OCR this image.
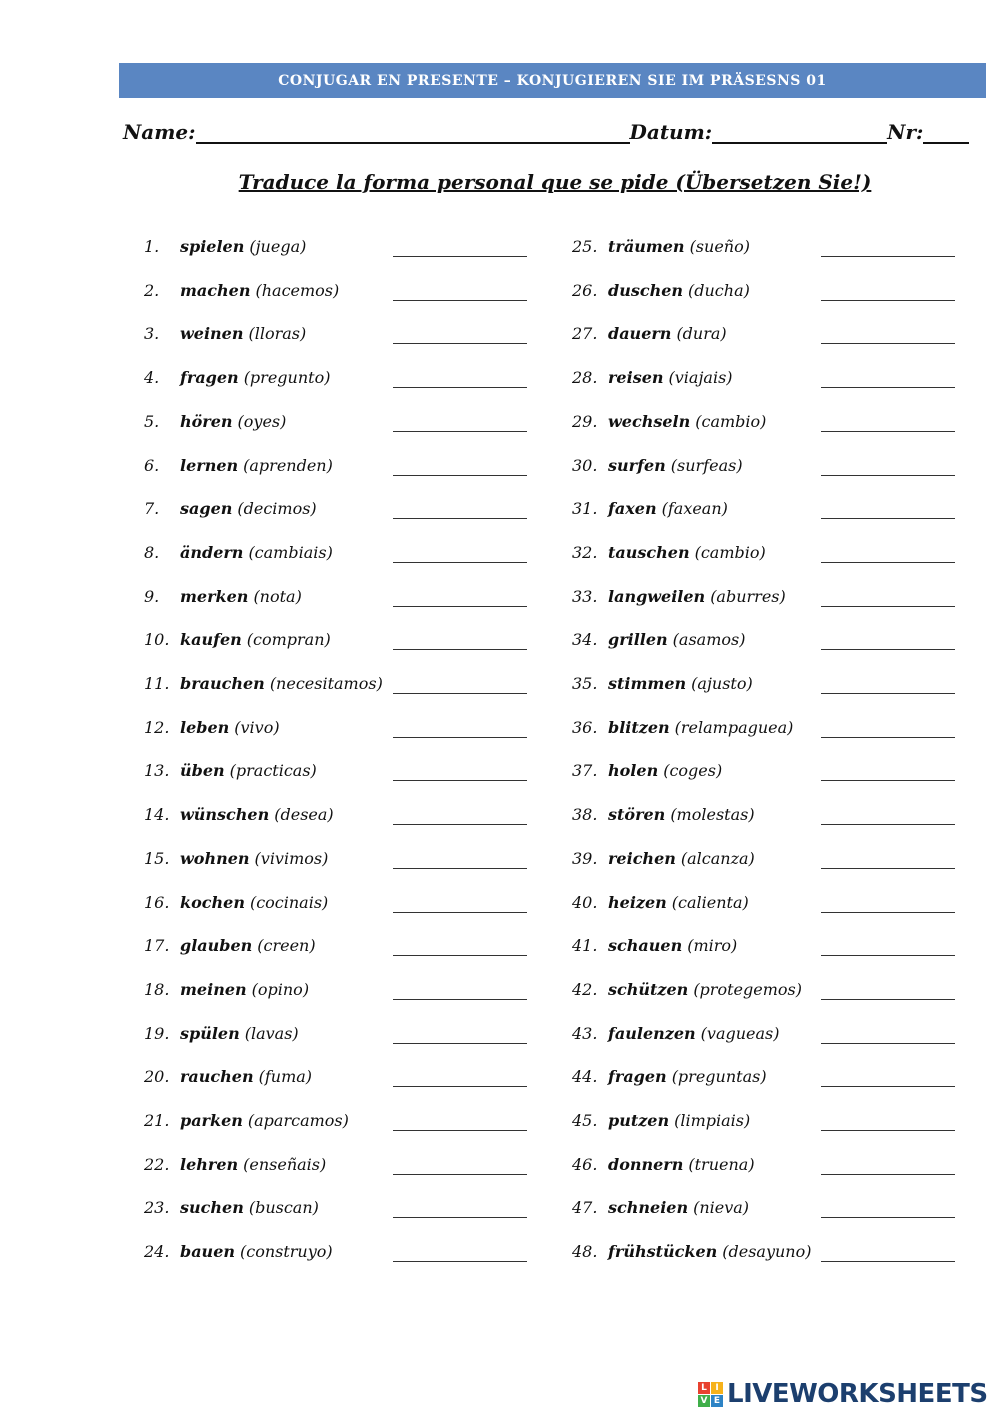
CONJUGAR EN PRESENTE – KONJUGIEREN SIE IM PRÄSESNS 01
Name:	Datum:	Nr:
Traduce la forma personal que se pide (Übersetzen Sie!)
1.	spielen (juega)
2.	machen (hacemos)
3.	weinen (lloras)
4.	fragen (pregunto)
5.	hören (oyes)
6.	lernen (aprenden)
7.	sagen (decimos)
8.	ändern (cambiais)
9.	merken (nota)
10. kaufen (compran)
11. brauchen (necesitamos)
12. leben (vivo)
13. üben (practicas)
14. wünschen (desea)
15. wohnen (vivimos)
16. kochen (cocinais)
17. glauben (creen)
18. meinen (opino)
19. spülen (lavas)
20. rauchen (fuma)
21. parken (aparcamos)
22. lehren (enseñais)
23. suchen (buscan)
24. bauen (construyo)
25. träumen (sueño)
26. duschen (ducha)
27. dauern (dura)
28. reisen (viajais)
29. wechseln (cambio)
30. surfen (surfeas)
31. faxen (faxean)
32. tauschen (cambio)
33. langweilen (aburres)
34. grillen (asamos)
35. stimmen (ajusto)
36. blitzen (relampaguea)
37. holen (coges)
38. stören (molestas)
39. reichen (alcanza)
40. heizen (calienta)
41. schauen (miro)
42. schützen (protegemos)
43. faulenzen (vagueas)
44. fragen (preguntas)
45. putzen (limpiais)
46. donnern (truena)
47. schneien (nieva)
48. frühstücken (desayuno)
L I
V E LIVEWORKSHEETS
